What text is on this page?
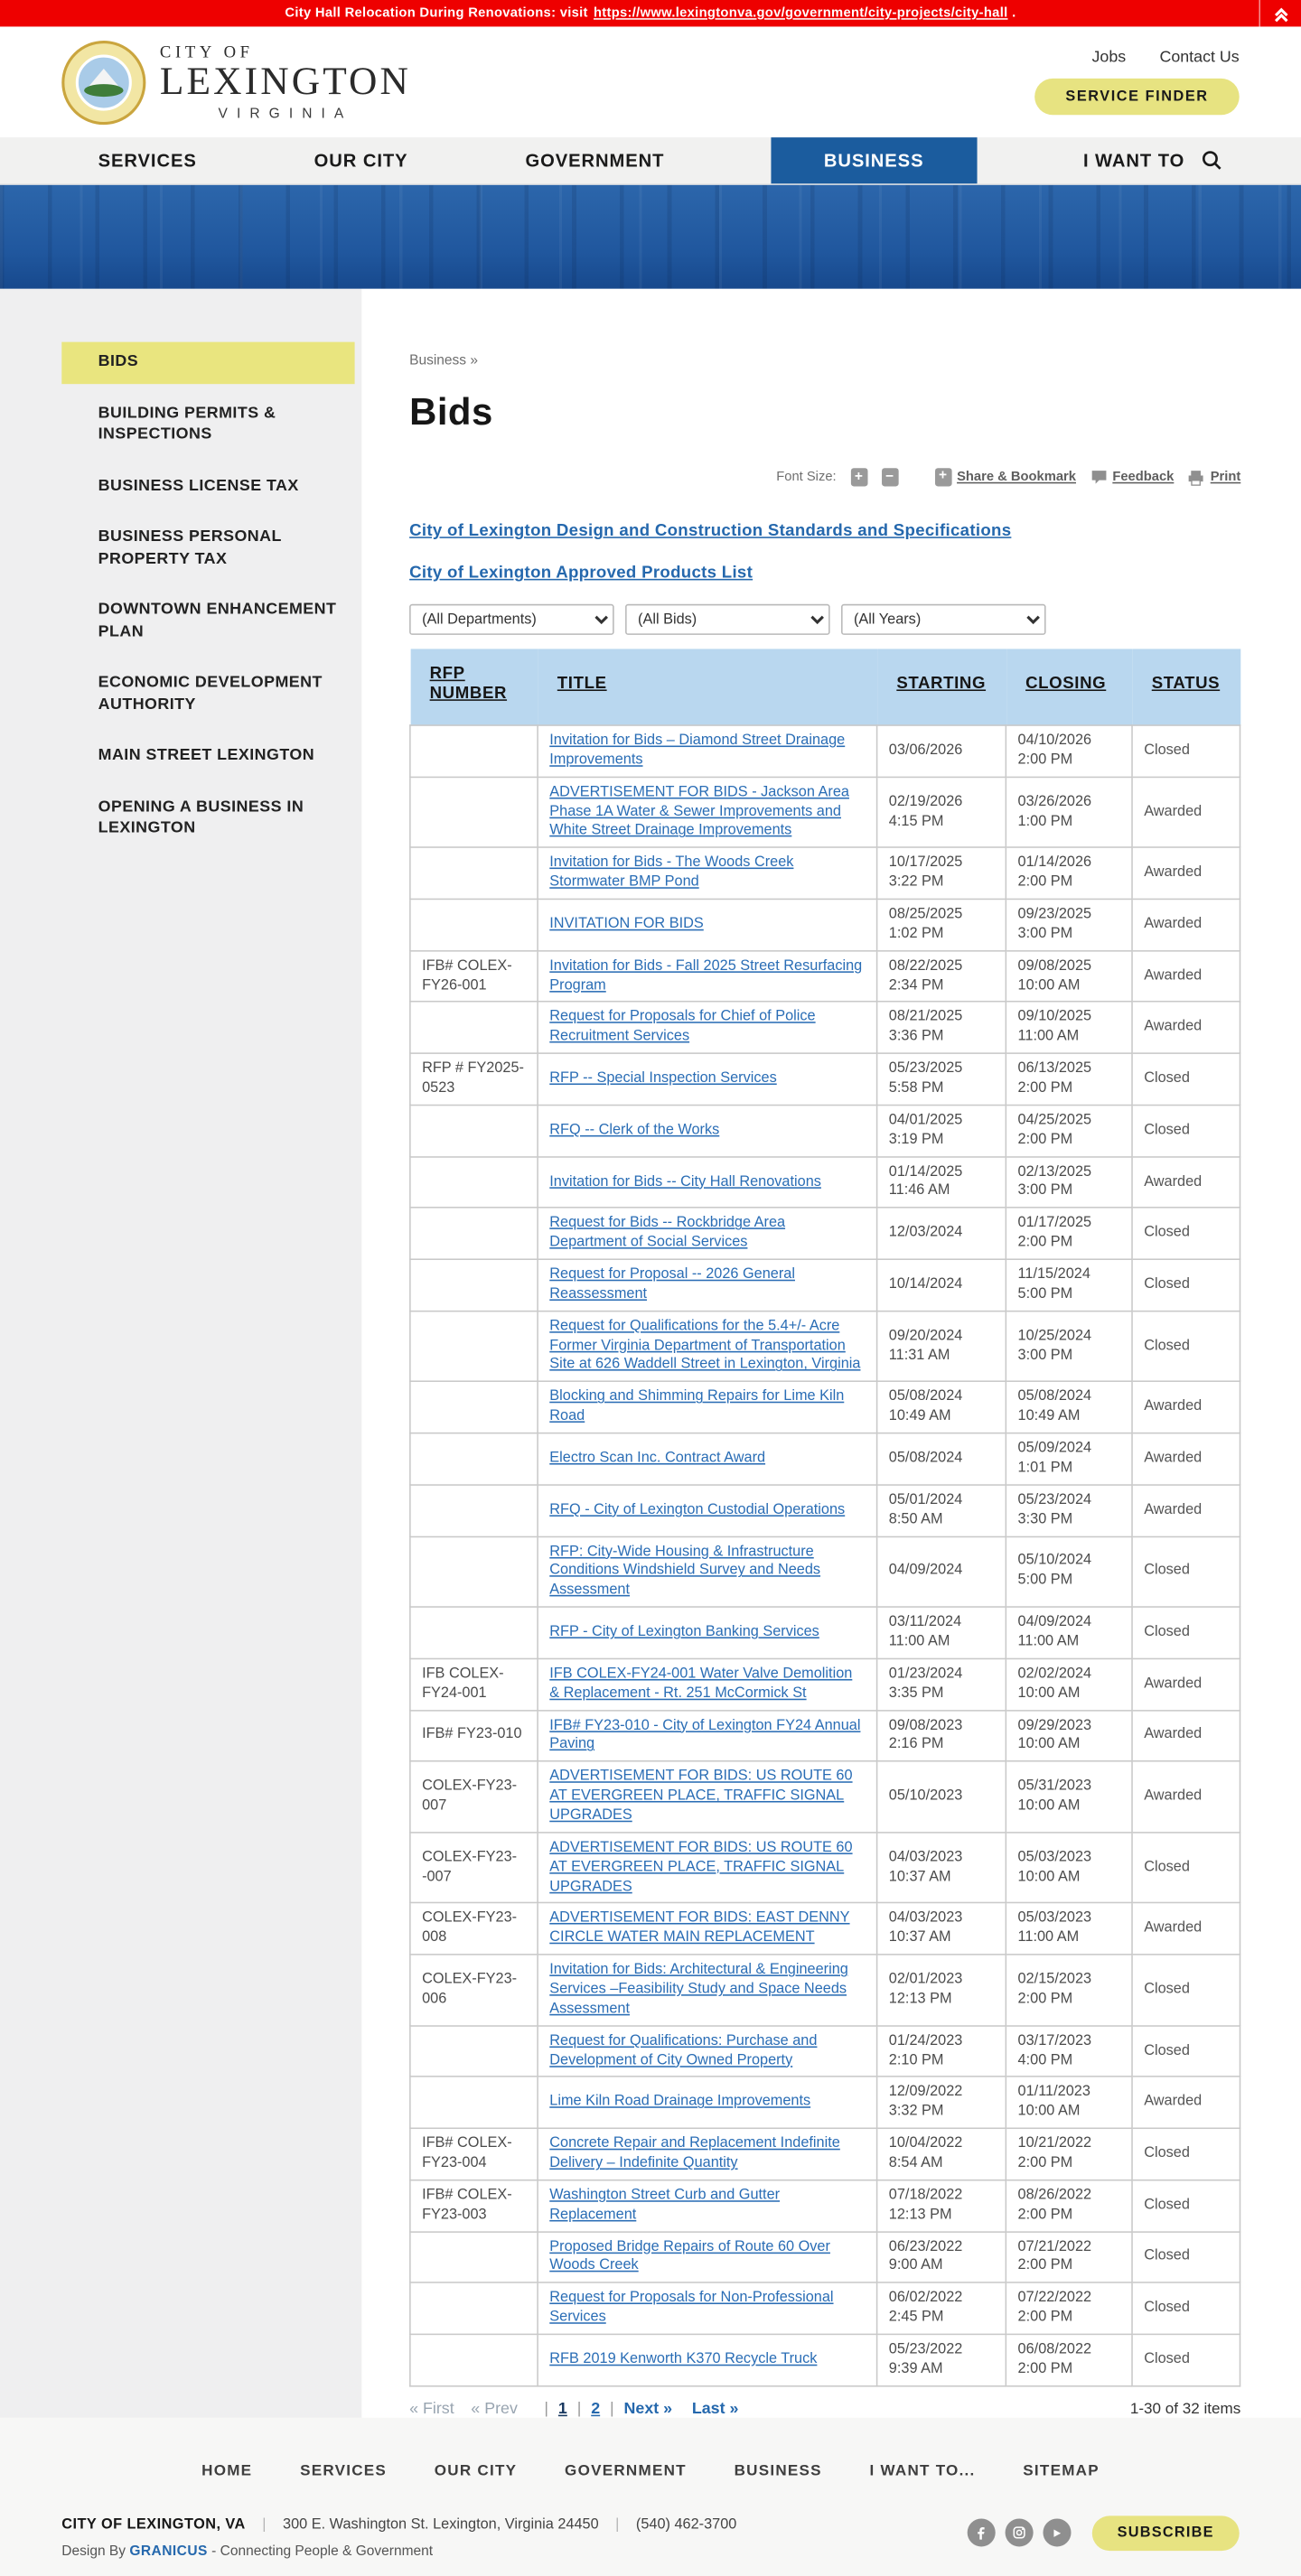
City Hall Relocation During Renovations: visit https://www.lexingtonva.gov/government/city-projects/city-hall .
CITY OF
LEXINGTON
VIRGINIA
Jobs	Contact Us
SERVICE FINDER
SERVICES	OUR CITY	GOVERNMENT	BUSINESS	I WANT TO
BIDS
BUILDING PERMITS & INSPECTIONS
BUSINESS LICENSE TAX
BUSINESS PERSONAL PROPERTY TAX
DOWNTOWN ENHANCEMENT PLAN
ECONOMIC DEVELOPMENT AUTHORITY
MAIN STREET LEXINGTON
OPENING A BUSINESS IN LEXINGTON
Business »
Bids
Font Size:	+	−	+	Share & Bookmark	Feedback	Print
City of Lexington Design and Construction Standards and Specifications
City of Lexington Approved Products List
(All Departments)
(All Bids)
(All Years)
RFP NUMBER	TITLE	STARTING	CLOSING	STATUS
	Invitation for Bids – Diamond Street Drainage Improvements	03/06/2026	04/10/2026 2:00 PM	Closed
	ADVERTISEMENT FOR BIDS - Jackson Area Phase 1A Water & Sewer Improvements and White Street Drainage Improvements	02/19/2026 4:15 PM	03/26/2026 1:00 PM	Awarded
	Invitation for Bids - The Woods Creek Stormwater BMP Pond	10/17/2025 3:22 PM	01/14/2026 2:00 PM	Awarded
	INVITATION FOR BIDS	08/25/2025 1:02 PM	09/23/2025 3:00 PM	Awarded
IFB# COLEX-FY26-001	Invitation for Bids - Fall 2025 Street Resurfacing Program	08/22/2025 2:34 PM	09/08/2025 10:00 AM	Awarded
	Request for Proposals for Chief of Police Recruitment Services	08/21/2025 3:36 PM	09/10/2025 11:00 AM	Awarded
RFP # FY2025-0523	RFP -- Special Inspection Services	05/23/2025 5:58 PM	06/13/2025 2:00 PM	Closed
	RFQ -- Clerk of the Works	04/01/2025 3:19 PM	04/25/2025 2:00 PM	Closed
	Invitation for Bids -- City Hall Renovations	01/14/2025 11:46 AM	02/13/2025 3:00 PM	Awarded
	Request for Bids -- Rockbridge Area Department of Social Services	12/03/2024	01/17/2025 2:00 PM	Closed
	Request for Proposal -- 2026 General Reassessment	10/14/2024	11/15/2024 5:00 PM	Closed
	Request for Qualifications for the 5.4+/- Acre Former Virginia Department of Transportation Site at 626 Waddell Street in Lexington, Virginia	09/20/2024 11:31 AM	10/25/2024 3:00 PM	Closed
	Blocking and Shimming Repairs for Lime Kiln Road	05/08/2024 10:49 AM	05/08/2024 10:49 AM	Awarded
	Electro Scan Inc. Contract Award	05/08/2024	05/09/2024 1:01 PM	Awarded
	RFQ - City of Lexington Custodial Operations	05/01/2024 8:50 AM	05/23/2024 3:30 PM	Awarded
	RFP: City-Wide Housing & Infrastructure Conditions Windshield Survey and Needs Assessment	04/09/2024	05/10/2024 5:00 PM	Closed
	RFP - City of Lexington Banking Services	03/11/2024 11:00 AM	04/09/2024 11:00 AM	Closed
IFB COLEX-FY24-001	IFB COLEX-FY24-001 Water Valve Demolition & Replacement - Rt. 251 McCormick St	01/23/2024 3:35 PM	02/02/2024 10:00 AM	Awarded
IFB# FY23-010	IFB# FY23-010 - City of Lexington FY24 Annual Paving	09/08/2023 2:16 PM	09/29/2023 10:00 AM	Awarded
COLEX-FY23-007	ADVERTISEMENT FOR BIDS: US ROUTE 60 AT EVERGREEN PLACE, TRAFFIC SIGNAL UPGRADES	05/10/2023	05/31/2023 10:00 AM	Awarded
COLEX-FY23--007	ADVERTISEMENT FOR BIDS: US ROUTE 60 AT EVERGREEN PLACE, TRAFFIC SIGNAL UPGRADES	04/03/2023 10:37 AM	05/03/2023 10:00 AM	Closed
COLEX-FY23-008	ADVERTISEMENT FOR BIDS: EAST DENNY CIRCLE WATER MAIN REPLACEMENT	04/03/2023 10:37 AM	05/03/2023 11:00 AM	Awarded
COLEX-FY23-006	Invitation for Bids: Architectural & Engineering Services –Feasibility Study and Space Needs Assessment	02/01/2023 12:13 PM	02/15/2023 2:00 PM	Closed
	Request for Qualifications: Purchase and Development of City Owned Property	01/24/2023 2:10 PM	03/17/2023 4:00 PM	Closed
	Lime Kiln Road Drainage Improvements	12/09/2022 3:32 PM	01/11/2023 10:00 AM	Awarded
IFB# COLEX-FY23-004	Concrete Repair and Replacement Indefinite Delivery – Indefinite Quantity	10/04/2022 8:54 AM	10/21/2022 2:00 PM	Closed
IFB# COLEX-FY23-003	Washington Street Curb and Gutter Replacement	07/18/2022 12:13 PM	08/26/2022 2:00 PM	Closed
	Proposed Bridge Repairs of Route 60 Over Woods Creek	06/23/2022 9:00 AM	07/21/2022 2:00 PM	Closed
	Request for Proposals for Non-Professional Services	06/02/2022 2:45 PM	07/22/2022 2:00 PM	Closed
	RFB 2019 Kenworth K370 Recycle Truck	05/23/2022 9:39 AM	06/08/2022 2:00 PM	Closed
« First « Prev	| 1 | 2 | Next » Last »	1-30 of 32 items
HOME	SERVICES	OUR CITY	GOVERNMENT	BUSINESS	I WANT TO...	SITEMAP
CITY OF LEXINGTON, VA | 300 E. Washington St. Lexington, Virginia 24450 | (540) 462-3700
Design By GRANICUS - Connecting People & Government
SUBSCRIBE
